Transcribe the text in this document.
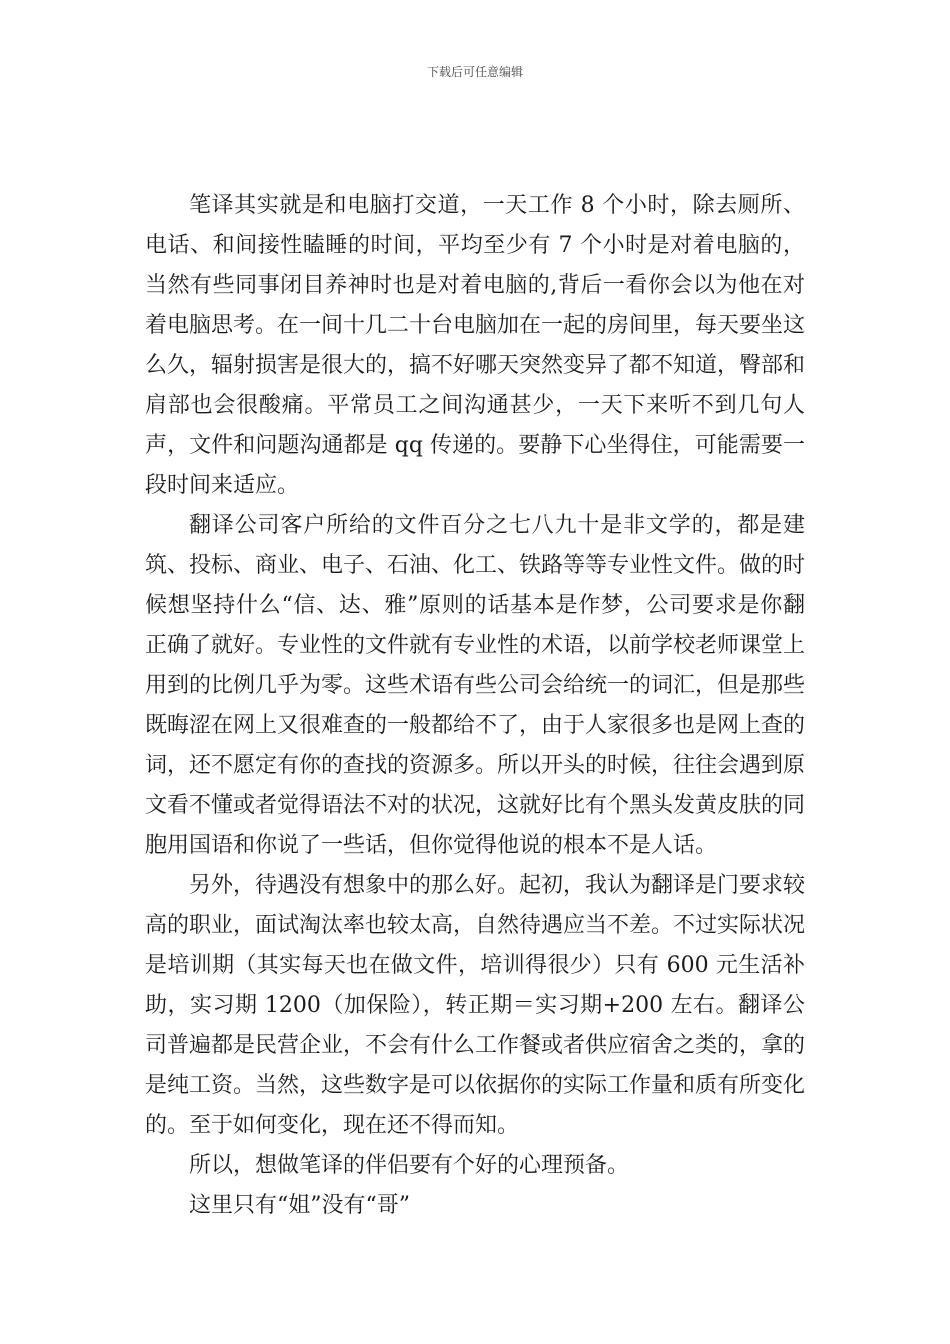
下载后可任意编辑

笔译其实就是和电脑打交道，一天工作 8 个小时，除去厕所、电话、和间接性瞌睡的时间，平均至少有 7 个小时是对着电脑的，当然有些同事闭目养神时也是对着电脑的,背后一看你会以为他在对着电脑思考。在一间十几二十台电脑加在一起的房间里，每天要坐这么久，辐射损害是很大的，搞不好哪天突然变异了都不知道，臀部和肩部也会很酸痛。平常员工之间沟通甚少，一天下来听不到几句人声，文件和问题沟通都是 qq 传递的。要静下心坐得住，可能需要一段时间来适应。

翻译公司客户所给的文件百分之七八九十是非文学的，都是建筑、投标、商业、电子、石油、化工、铁路等等专业性文件。做的时候想坚持什么“信、达、雅”原则的话基本是作梦，公司要求是你翻正确了就好。专业性的文件就有专业性的术语，以前学校老师课堂上用到的比例几乎为零。这些术语有些公司会给统一的词汇，但是那些既晦涩在网上又很难查的一般都给不了，由于人家很多也是网上查的词，还不愿定有你的查找的资源多。所以开头的时候，往往会遇到原文看不懂或者觉得语法不对的状况，这就好比有个黑头发黄皮肤的同胞用国语和你说了一些话，但你觉得他说的根本不是人话。

另外，待遇没有想象中的那么好。起初，我认为翻译是门要求较高的职业，面试淘汰率也较太高，自然待遇应当不差。不过实际状况是培训期（其实每天也在做文件，培训得很少）只有 600 元生活补助，实习期 1200（加保险），转正期＝实习期+200 左右。翻译公司普遍都是民营企业，不会有什么工作餐或者供应宿舍之类的，拿的是纯工资。当然，这些数字是可以依据你的实际工作量和质有所变化的。至于如何变化，现在还不得而知。

所以，想做笔译的伴侣要有个好的心理预备。

这里只有“姐”没有“哥”
